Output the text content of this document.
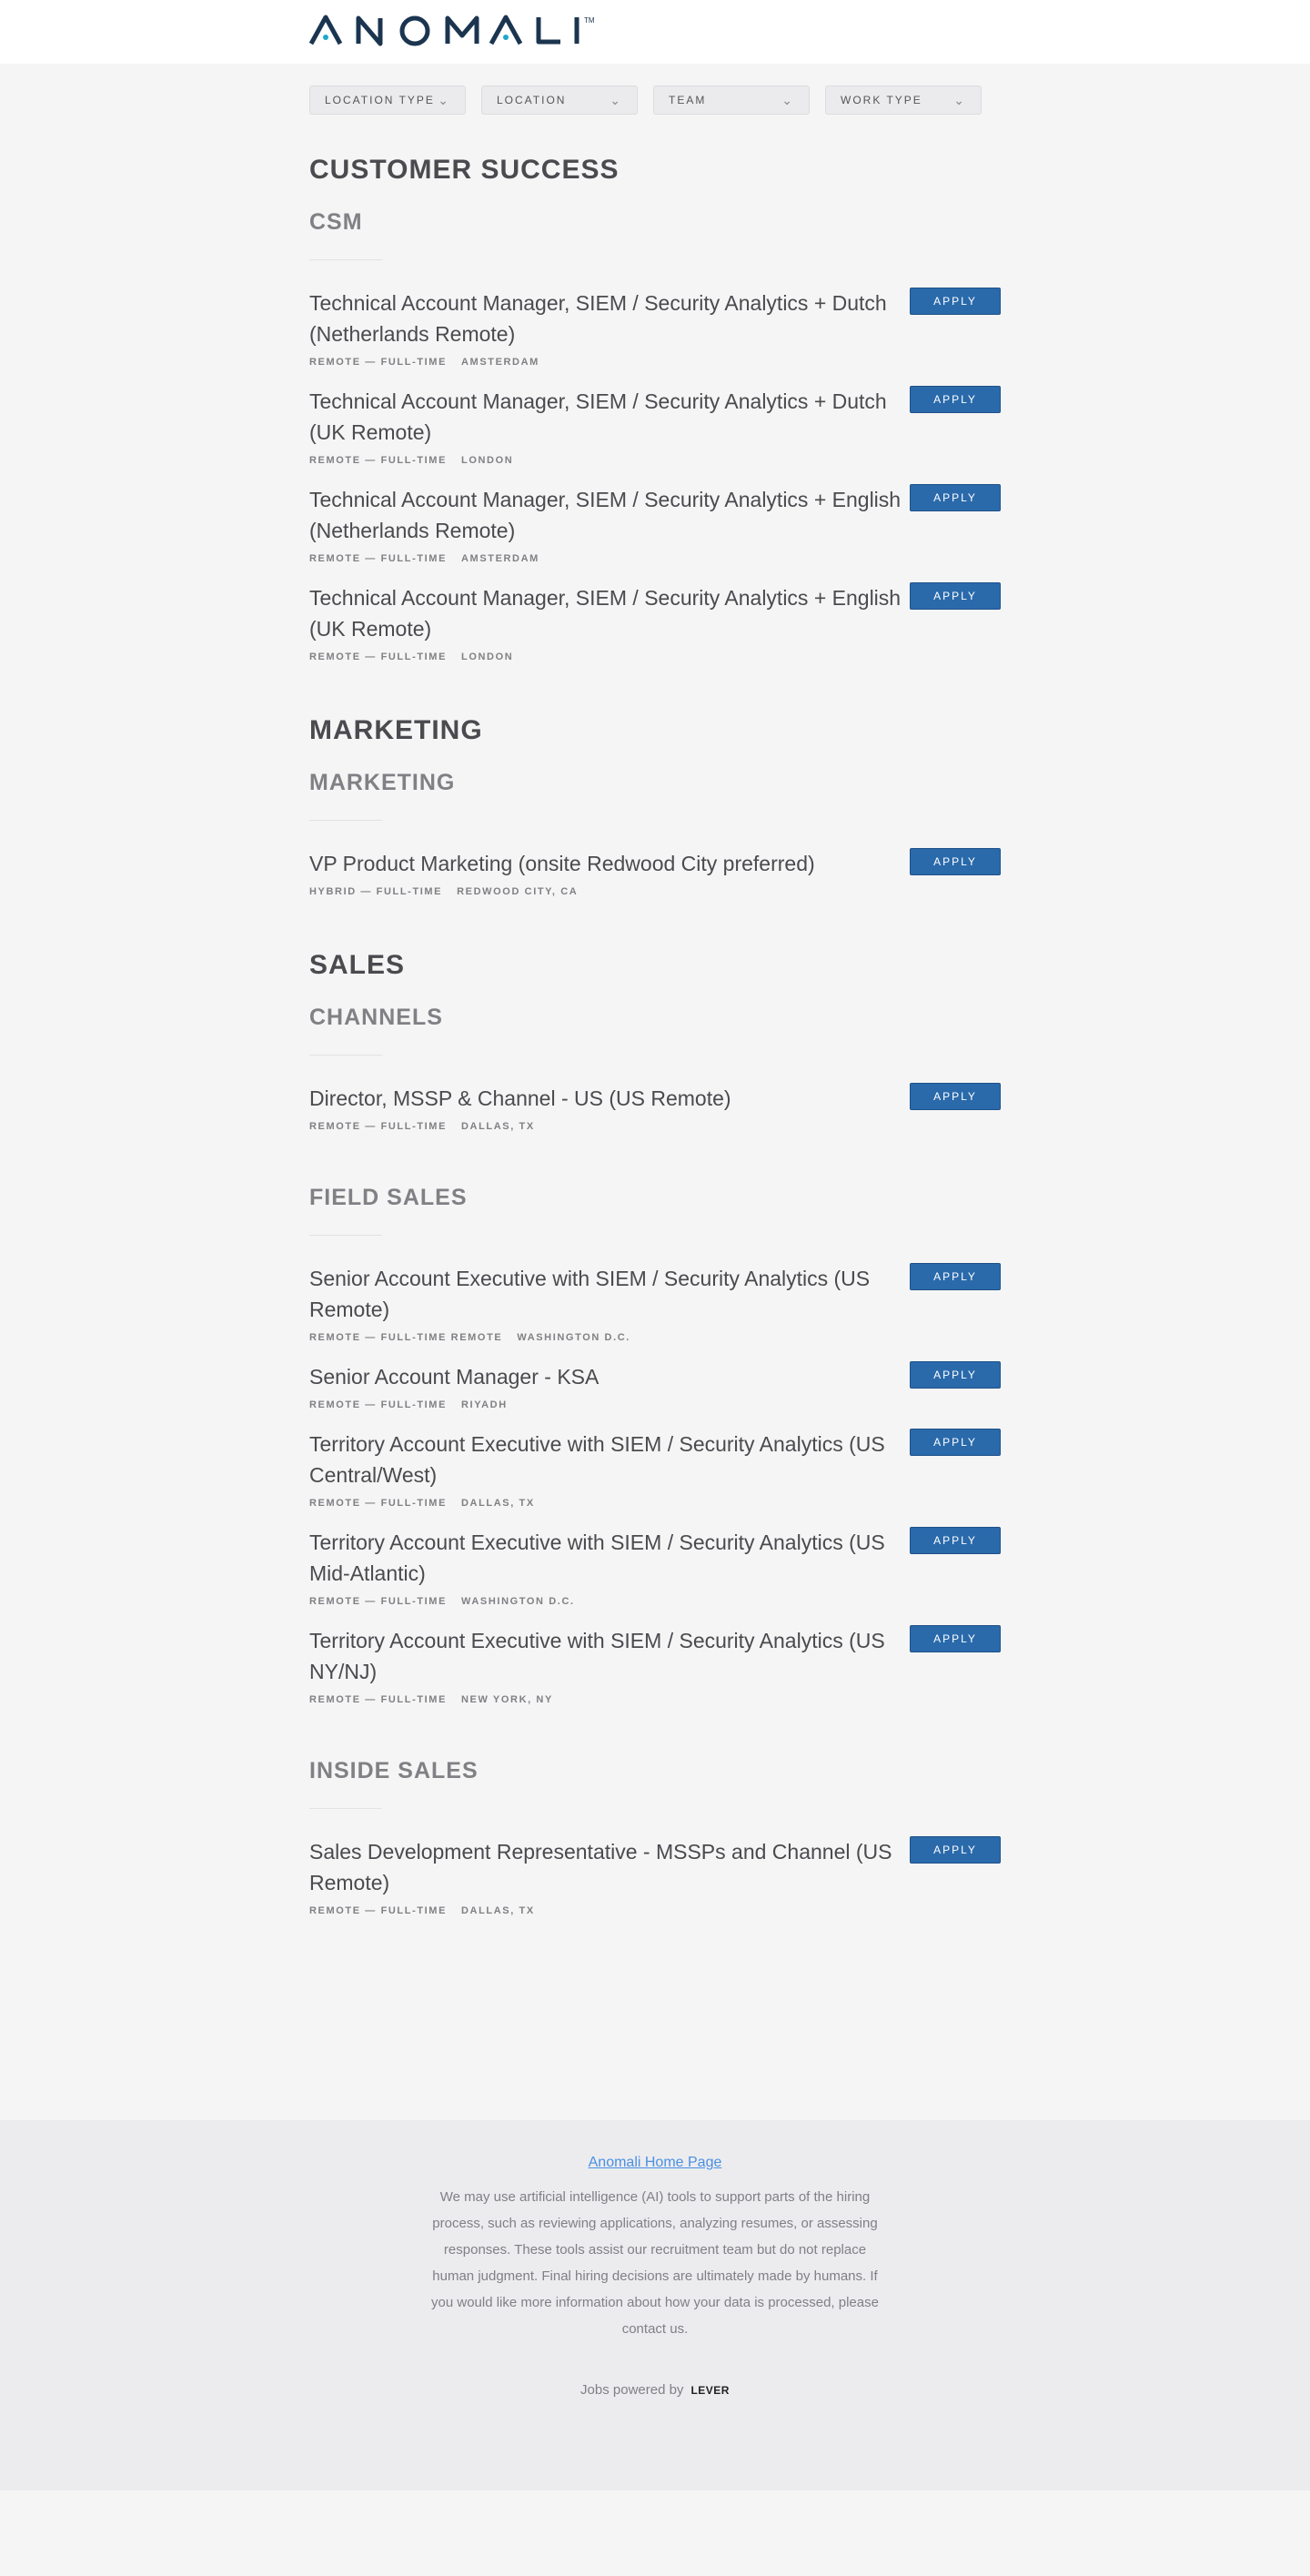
TM
LOCATION TYPE ⌄	LOCATION	⌄	TEAM	⌄	WORK TYPE ⌄
CUSTOMER SUCCESS
CSM
Technical Account Manager, SIEM / Security Analytics + Dutch (Netherlands Remote)
REMOTE — FULL-TIME AMSTERDAM
APPLY
Technical Account Manager, SIEM / Security Analytics + Dutch (UK Remote)
REMOTE — FULL-TIME LONDON
APPLY
Technical Account Manager, SIEM / Security Analytics + English (Netherlands Remote)
REMOTE — FULL-TIME AMSTERDAM
APPLY
Technical Account Manager, SIEM / Security Analytics + English (UK Remote)
REMOTE — FULL-TIME LONDON
APPLY
MARKETING
MARKETING
VP Product Marketing (onsite Redwood City preferred)
HYBRID — FULL-TIME REDWOOD CITY, CA
APPLY
SALES
CHANNELS
Director, MSSP & Channel - US (US Remote)
REMOTE — FULL-TIME DALLAS, TX
APPLY
FIELD SALES
Senior Account Executive with SIEM / Security Analytics (US Remote)
REMOTE — FULL-TIME REMOTE WASHINGTON D.C.
APPLY
Senior Account Manager - KSA
REMOTE — FULL-TIME RIYADH
APPLY
Territory Account Executive with SIEM / Security Analytics (US Central/West)
REMOTE — FULL-TIME DALLAS, TX
APPLY
Territory Account Executive with SIEM / Security Analytics (US Mid-Atlantic)
REMOTE — FULL-TIME WASHINGTON D.C.
APPLY
Territory Account Executive with SIEM / Security Analytics (US NY/NJ)
REMOTE — FULL-TIME NEW YORK, NY
APPLY
INSIDE SALES
Sales Development Representative - MSSPs and Channel (US Remote)
REMOTE — FULL-TIME DALLAS, TX
APPLY
Anomali Home Page

We may use artificial intelligence (AI) tools to support parts of the hiring process, such as reviewing applications, analyzing resumes, or assessing responses. These tools assist our recruitment team but do not replace human judgment. Final hiring decisions are ultimately made by humans. If you would like more information about how your data is processed, please contact us.

Jobs powered by LEVER
